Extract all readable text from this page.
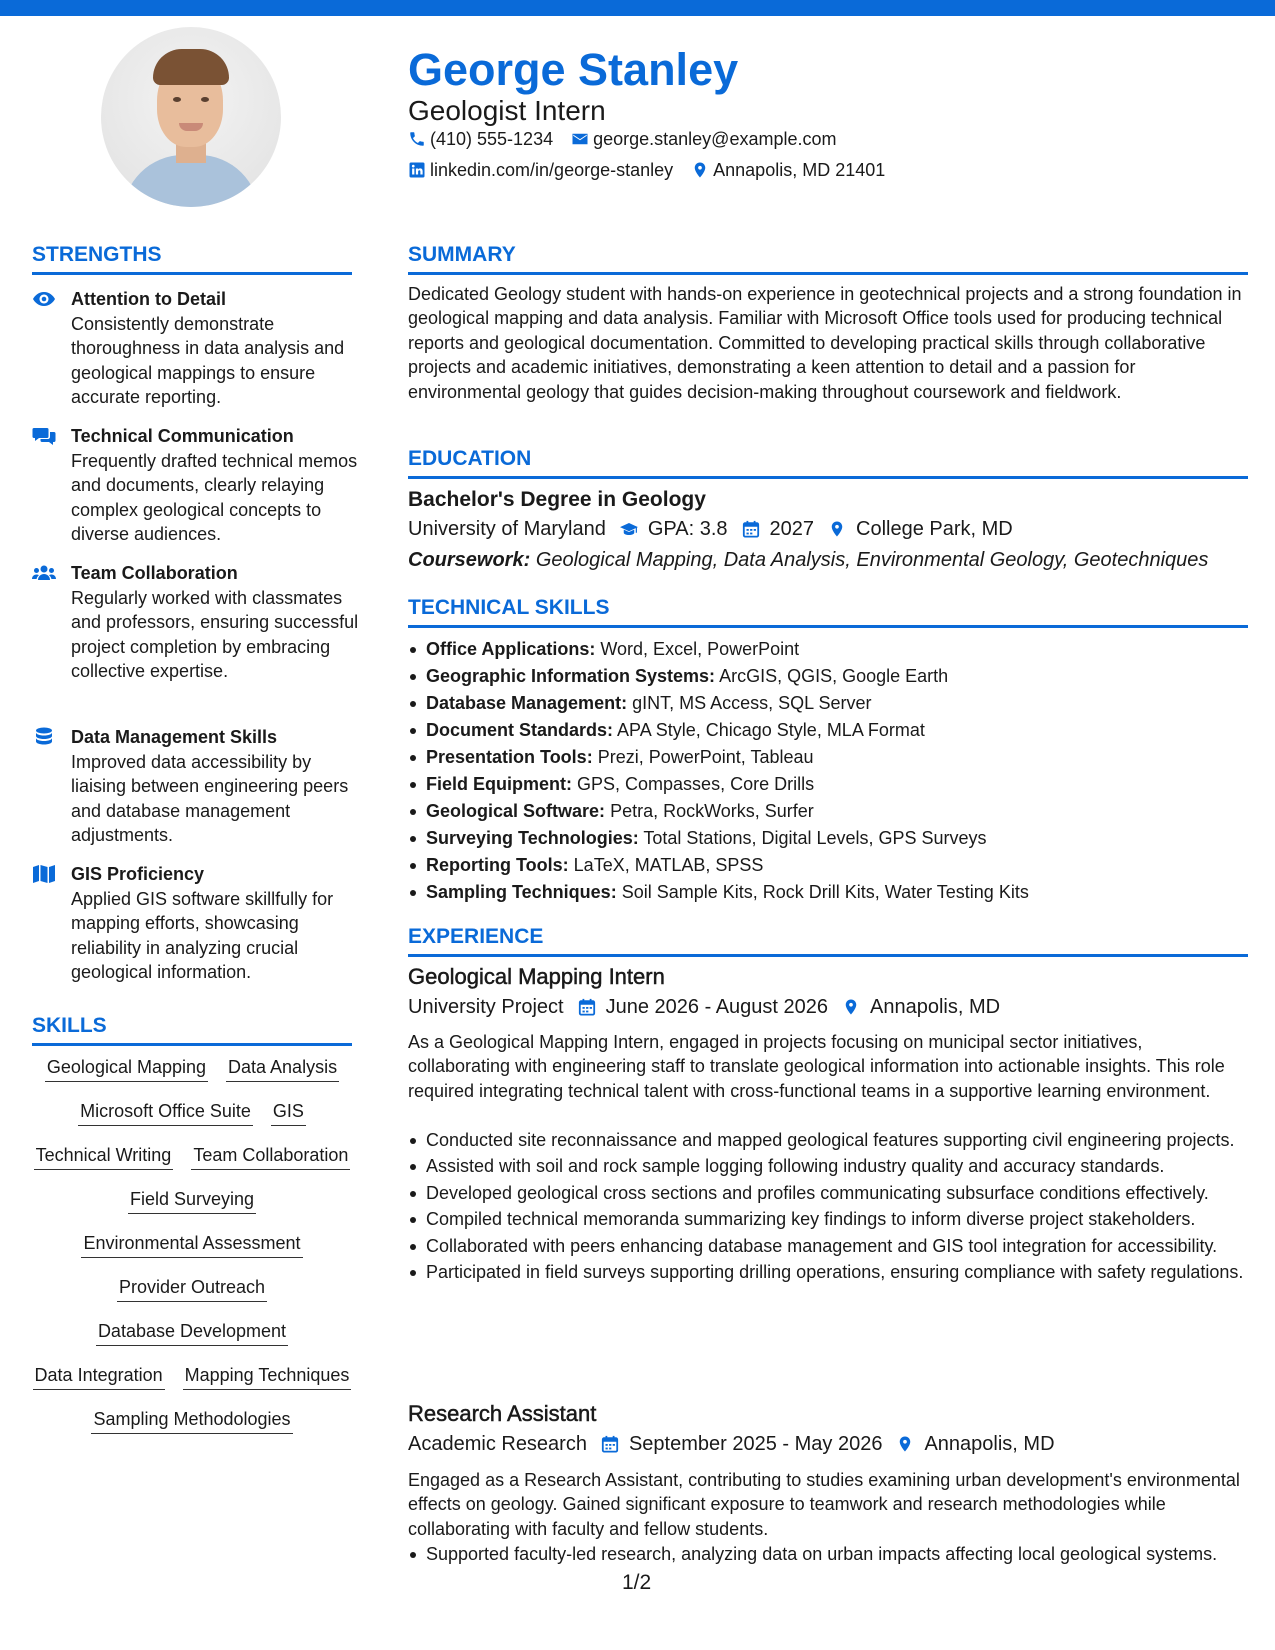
George Stanley
Geologist Intern
(410) 555-1234 george.stanley@example.com
linkedin.com/in/george-stanley Annapolis, MD 21401
STRENGTHS
Attention to Detail
Consistently demonstrate thoroughness in data analysis and geological mappings to ensure accurate reporting.
Technical Communication
Frequently drafted technical memos and documents, clearly relaying complex geological concepts to diverse audiences.
Team Collaboration
Regularly worked with classmates and professors, ensuring successful project completion by embracing collective expertise.
Data Management Skills
Improved data accessibility by liaising between engineering peers and database management adjustments.
GIS Proficiency
Applied GIS software skillfully for mapping efforts, showcasing reliability in analyzing crucial geological information.
SKILLS
Geological Mapping Data Analysis
Microsoft Office Suite GIS
Technical Writing Team Collaboration
Field Surveying
Environmental Assessment
Provider Outreach
Database Development
Data Integration Mapping Techniques
Sampling Methodologies
SUMMARY
Dedicated Geology student with hands-on experience in geotechnical projects and a strong foundation in geological mapping and data analysis. Familiar with Microsoft Office tools used for producing technical reports and geological documentation. Committed to developing practical skills through collaborative projects and academic initiatives, demonstrating a keen attention to detail and a passion for environmental geology that guides decision-making throughout coursework and fieldwork.
EDUCATION
Bachelor's Degree in Geology
University of Maryland GPA: 3.8 2027 College Park, MD
Coursework: Geological Mapping, Data Analysis, Environmental Geology, Geotechniques
TECHNICAL SKILLS
Office Applications: Word, Excel, PowerPoint
Geographic Information Systems: ArcGIS, QGIS, Google Earth
Database Management: gINT, MS Access, SQL Server
Document Standards: APA Style, Chicago Style, MLA Format
Presentation Tools: Prezi, PowerPoint, Tableau
Field Equipment: GPS, Compasses, Core Drills
Geological Software: Petra, RockWorks, Surfer
Surveying Technologies: Total Stations, Digital Levels, GPS Surveys
Reporting Tools: LaTeX, MATLAB, SPSS
Sampling Techniques: Soil Sample Kits, Rock Drill Kits, Water Testing Kits
EXPERIENCE
Geological Mapping Intern
University Project June 2026 - August 2026 Annapolis, MD
As a Geological Mapping Intern, engaged in projects focusing on municipal sector initiatives, collaborating with engineering staff to translate geological information into actionable insights. This role required integrating technical talent with cross-functional teams in a supportive learning environment.
Conducted site reconnaissance and mapped geological features supporting civil engineering projects.
Assisted with soil and rock sample logging following industry quality and accuracy standards.
Developed geological cross sections and profiles communicating subsurface conditions effectively.
Compiled technical memoranda summarizing key findings to inform diverse project stakeholders.
Collaborated with peers enhancing database management and GIS tool integration for accessibility.
Participated in field surveys supporting drilling operations, ensuring compliance with safety regulations.
Research Assistant
Academic Research September 2025 - May 2026 Annapolis, MD
Engaged as a Research Assistant, contributing to studies examining urban development's environmental effects on geology. Gained significant exposure to teamwork and research methodologies while collaborating with faculty and fellow students.
Supported faculty-led research, analyzing data on urban impacts affecting local geological systems.
1/2
